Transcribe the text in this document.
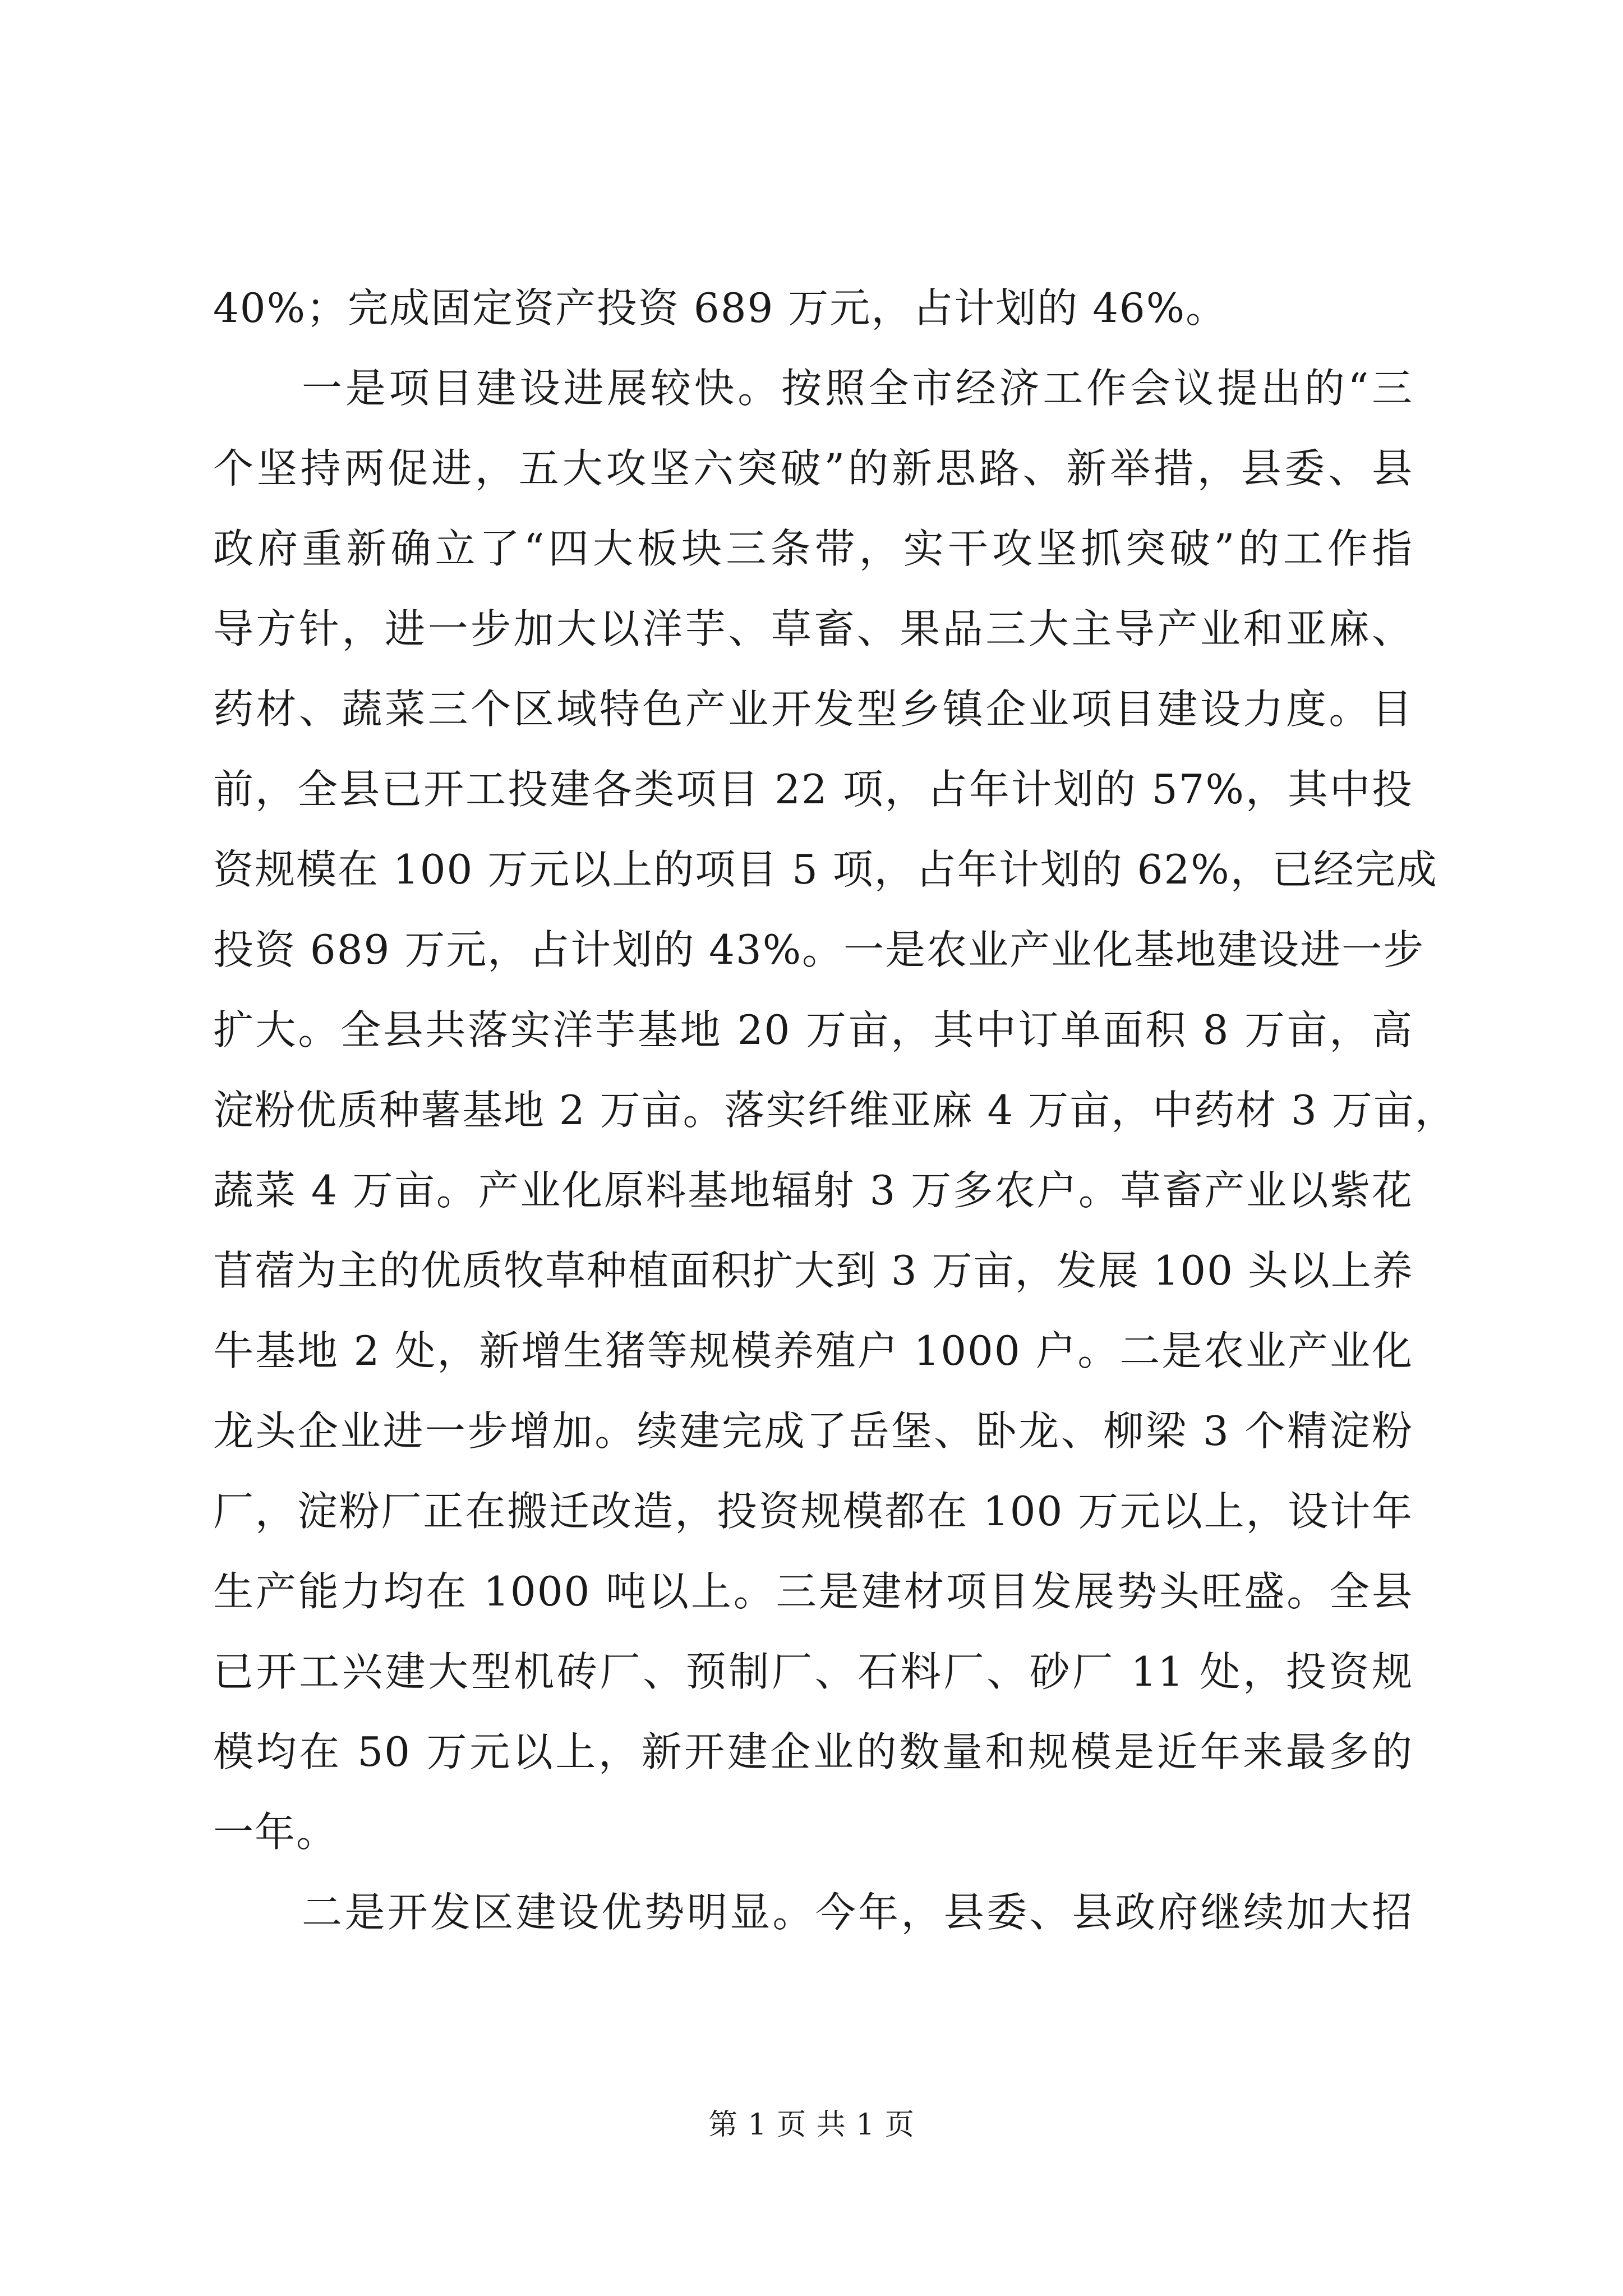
40%；完成固定资产投资 689 万元，占计划的 46%。
一是项目建设进展较快。按照全市经济工作会议提出的“三
个坚持两促进，五大攻坚六突破”的新思路、新举措，县委、县
政府重新确立了“四大板块三条带，实干攻坚抓突破”的工作指
导方针，进一步加大以洋芋、草畜、果品三大主导产业和亚麻、
药材、蔬菜三个区域特色产业开发型乡镇企业项目建设力度。目
前，全县已开工投建各类项目 22 项，占年计划的 57%，其中投
资规模在 100 万元以上的项目 5 项，占年计划的 62%，已经完成
投资 689 万元，占计划的 43%。一是农业产业化基地建设进一步
扩大。全县共落实洋芋基地 20 万亩，其中订单面积 8 万亩，高
淀粉优质种薯基地 2 万亩。落实纤维亚麻 4 万亩，中药材 3 万亩，
蔬菜 4 万亩。产业化原料基地辐射 3 万多农户。草畜产业以紫花
苜蓿为主的优质牧草种植面积扩大到 3 万亩，发展 100 头以上养
牛基地 2 处，新增生猪等规模养殖户 1000 户。二是农业产业化
龙头企业进一步增加。续建完成了岳堡、卧龙、柳梁 3 个精淀粉
厂，淀粉厂正在搬迁改造，投资规模都在 100 万元以上，设计年
生产能力均在 1000 吨以上。三是建材项目发展势头旺盛。全县
已开工兴建大型机砖厂、预制厂、石料厂、砂厂 11 处，投资规
模均在 50 万元以上，新开建企业的数量和规模是近年来最多的
一年。
二是开发区建设优势明显。今年，县委、县政府继续加大招
第 1 页 共 1 页
